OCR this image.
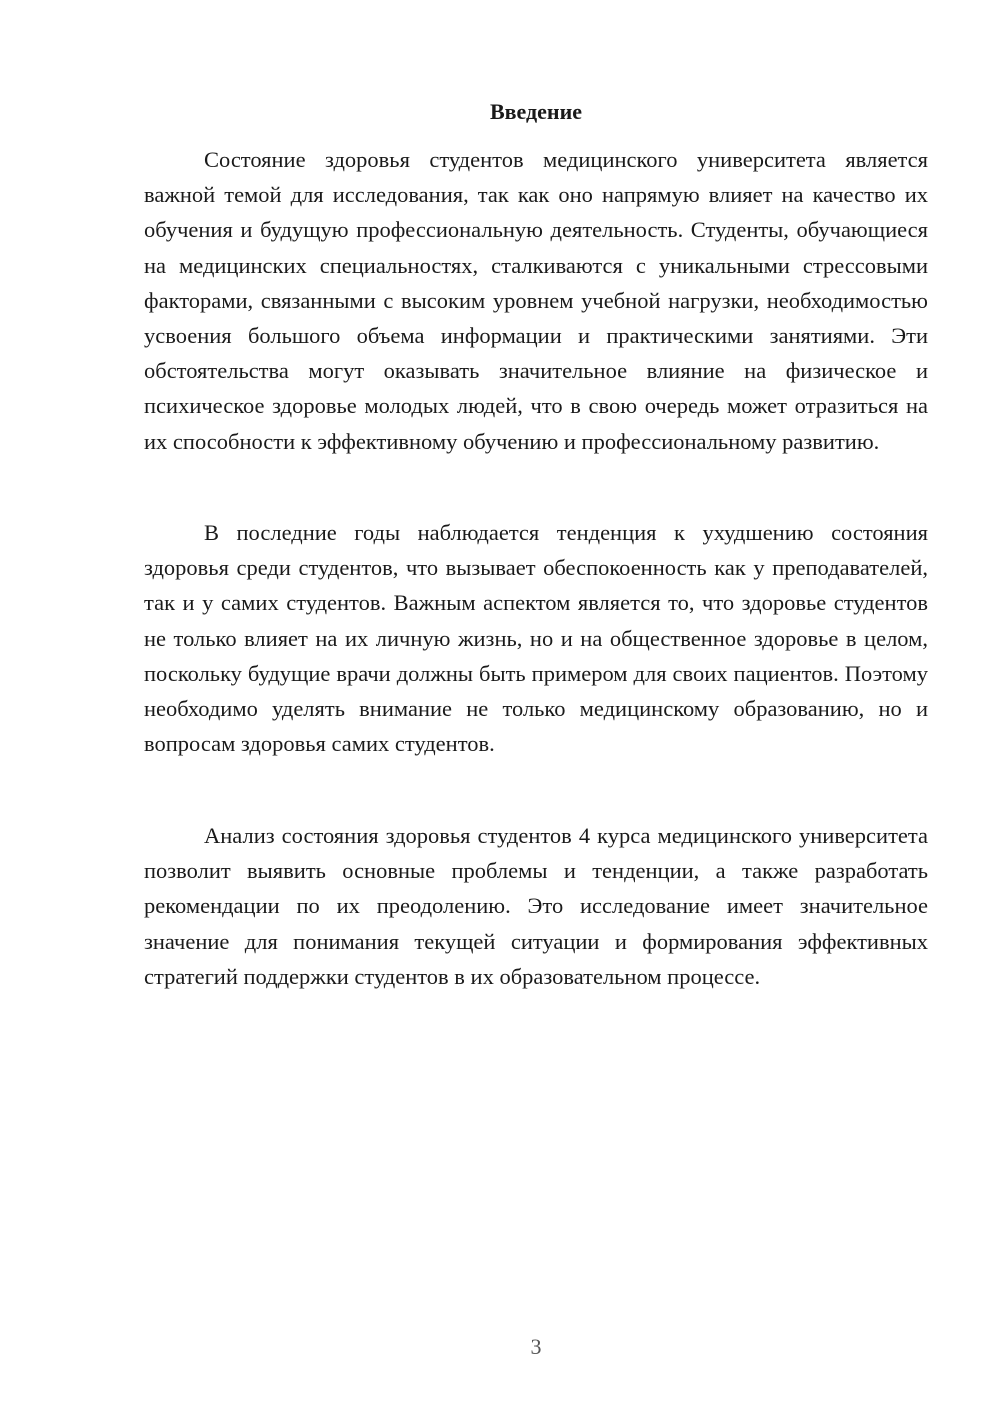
Введение

Состояние здоровья студентов медицинского университета является важной темой для исследования, так как оно напрямую влияет на качество их обучения и будущую профессиональную деятельность. Студенты, обучающиеся на медицинских специальностях, сталкиваются с уникальными стрессовыми факторами, связанными с высоким уровнем учебной нагрузки, необходимостью усвоения большого объема информации и практическими занятиями. Эти обстоятельства могут оказывать значительное влияние на физическое и психическое здоровье молодых людей, что в свою очередь может отразиться на их способности к эффективному обучению и профессиональному развитию.

В последние годы наблюдается тенденция к ухудшению состояния здоровья среди студентов, что вызывает обеспокоенность как у преподавателей, так и у самих студентов. Важным аспектом является то, что здоровье студентов не только влияет на их личную жизнь, но и на общественное здоровье в целом, поскольку будущие врачи должны быть примером для своих пациентов. Поэтому необходимо уделять внимание не только медицинскому образованию, но и вопросам здоровья самих студентов.

Анализ состояния здоровья студентов 4 курса медицинского университета позволит выявить основные проблемы и тенденции, а также разработать рекомендации по их преодолению. Это исследование имеет значительное значение для понимания текущей ситуации и формирования эффективных стратегий поддержки студентов в их образовательном процессе.

3
